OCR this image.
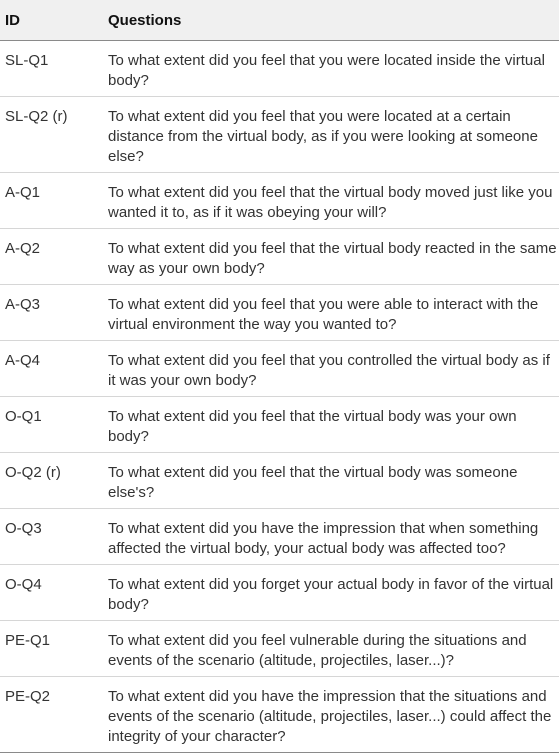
ID	Questions
SL-Q1	To what extent did you feel that you were located inside the virtual body?
SL-Q2 (r)	To what extent did you feel that you were located at a certain distance from the virtual body, as if you were looking at someone else?
A-Q1	To what extent did you feel that the virtual body moved just like you wanted it to, as if it was obeying your will?
A-Q2	To what extent did you feel that the virtual body reacted in the same way as your own body?
A-Q3	To what extent did you feel that you were able to interact with the virtual environment the way you wanted to?
A-Q4	To what extent did you feel that you controlled the virtual body as if it was your own body?
O-Q1	To what extent did you feel that the virtual body was your own body?
O-Q2 (r)	To what extent did you feel that the virtual body was someone else's?
O-Q3	To what extent did you have the impression that when something affected the virtual body, your actual body was affected too?
O-Q4	To what extent did you forget your actual body in favor of the virtual body?
PE-Q1	To what extent did you feel vulnerable during the situations and events of the scenario (altitude, projectiles, laser...)?
PE-Q2	To what extent did you have the impression that the situations and events of the scenario (altitude, projectiles, laser...) could affect the integrity of your character?
